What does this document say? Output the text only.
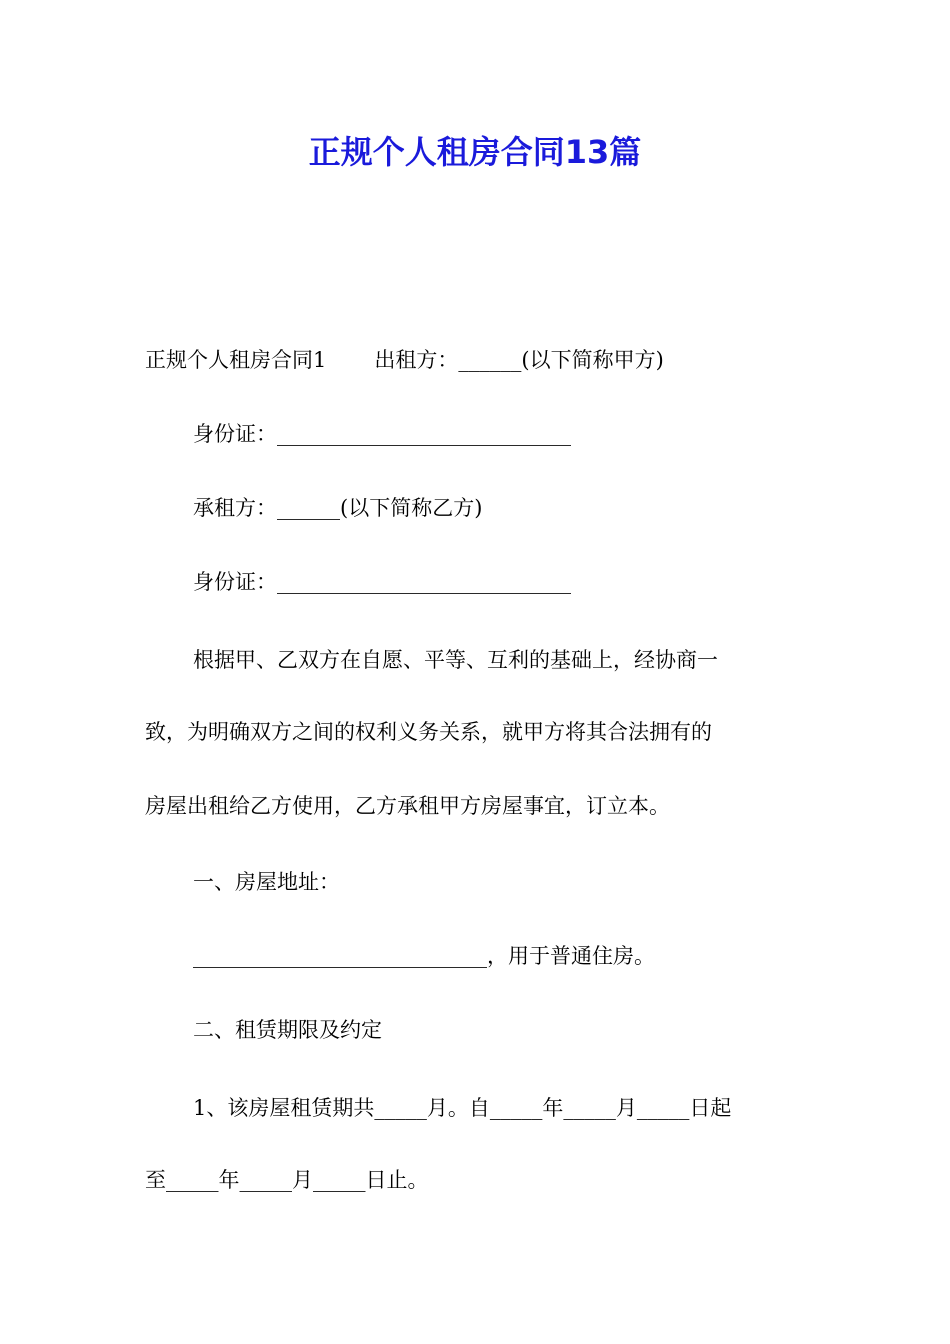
正规个人租房合同13篇

正规个人租房合同1 出租方：______(以下简称甲方)

身份证：____________________________

承租方：______(以下简称乙方)

身份证：____________________________

根据甲、乙双方在自愿、平等、互利的基础上，经协商一

致，为明确双方之间的权利义务关系，就甲方将其合法拥有的

房屋出租给乙方使用，乙方承租甲方房屋事宜，订立本。

一、房屋地址：

____________________________，用于普通住房。

二、租赁期限及约定

1、该房屋租赁期共_____月。自_____年_____月_____日起

至_____年_____月_____日止。
